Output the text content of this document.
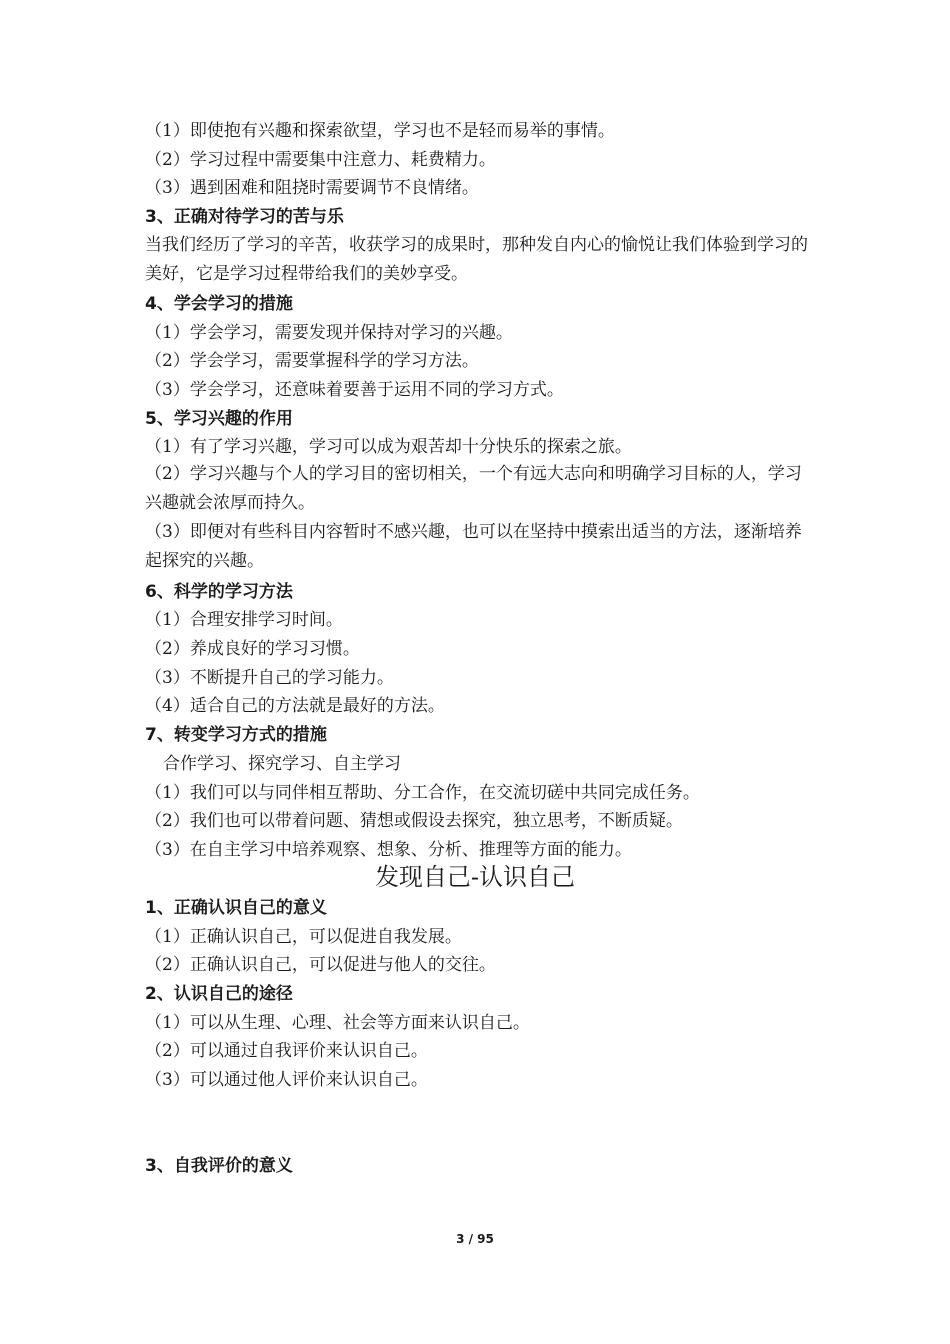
（1）即使抱有兴趣和探索欲望，学习也不是轻而易举的事情。
（2）学习过程中需要集中注意力、耗费精力。
（3）遇到困难和阻挠时需要调节不良情绪。
3、正确对待学习的苦与乐
当我们经历了学习的辛苦，收获学习的成果时，那种发自内心的愉悦让我们体验到学习的美好，它是学习过程带给我们的美妙享受。
4、学会学习的措施
（1）学会学习，需要发现并保持对学习的兴趣。
（2）学会学习，需要掌握科学的学习方法。
（3）学会学习，还意味着要善于运用不同的学习方式。
5、学习兴趣的作用
（1）有了学习兴趣，学习可以成为艰苦却十分快乐的探索之旅。
（2）学习兴趣与个人的学习目的密切相关，一个有远大志向和明确学习目标的人，学习兴趣就会浓厚而持久。
（3）即便对有些科目内容暂时不感兴趣，也可以在坚持中摸索出适当的方法，逐渐培养起探究的兴趣。
6、科学的学习方法
（1）合理安排学习时间。
（2）养成良好的学习习惯。
（3）不断提升自己的学习能力。
（4）适合自己的方法就是最好的方法。
7、转变学习方式的措施
合作学习、探究学习、自主学习
（1）我们可以与同伴相互帮助、分工合作，在交流切磋中共同完成任务。
（2）我们也可以带着问题、猜想或假设去探究，独立思考，不断质疑。
（3）在自主学习中培养观察、想象、分析、推理等方面的能力。
发现自己-认识自己
1、正确认识自己的意义
（1）正确认识自己，可以促进自我发展。
（2）正确认识自己，可以促进与他人的交往。
2、认识自己的途径
（1）可以从生理、心理、社会等方面来认识自己。
（2）可以通过自我评价来认识自己。
（3）可以通过他人评价来认识自己。
3、自我评价的意义
3 / 95
